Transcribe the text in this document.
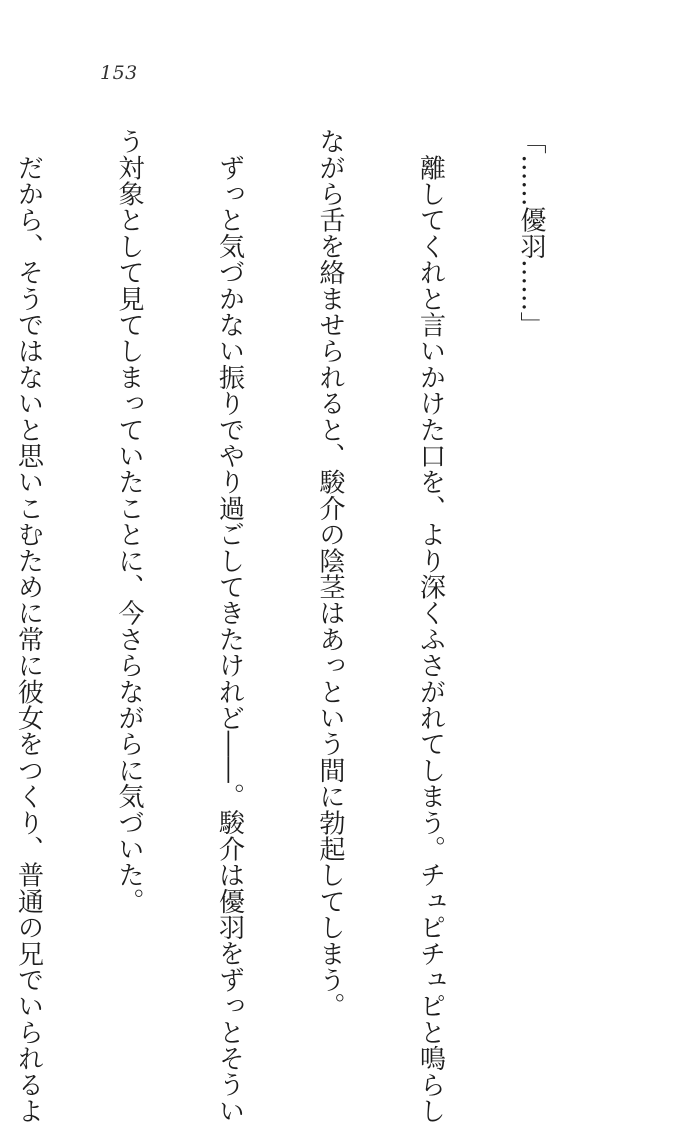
153

「……優羽……」

　離してくれと言いかけた口を、より深くふさがれてしまう。チュピチュピと鳴らし

ながら舌を絡ませられると、駿介の陰茎はあっという間に勃起してしまう。

　ずっと気づかない振りでやり過ごしてきたけれど――。駿介は優羽をずっとそうい

う対象として見てしまっていたことに、今さらながらに気づいた。

　だから、そうではないと思いこむために常に彼女をつくり、普通の兄でいられるよ
